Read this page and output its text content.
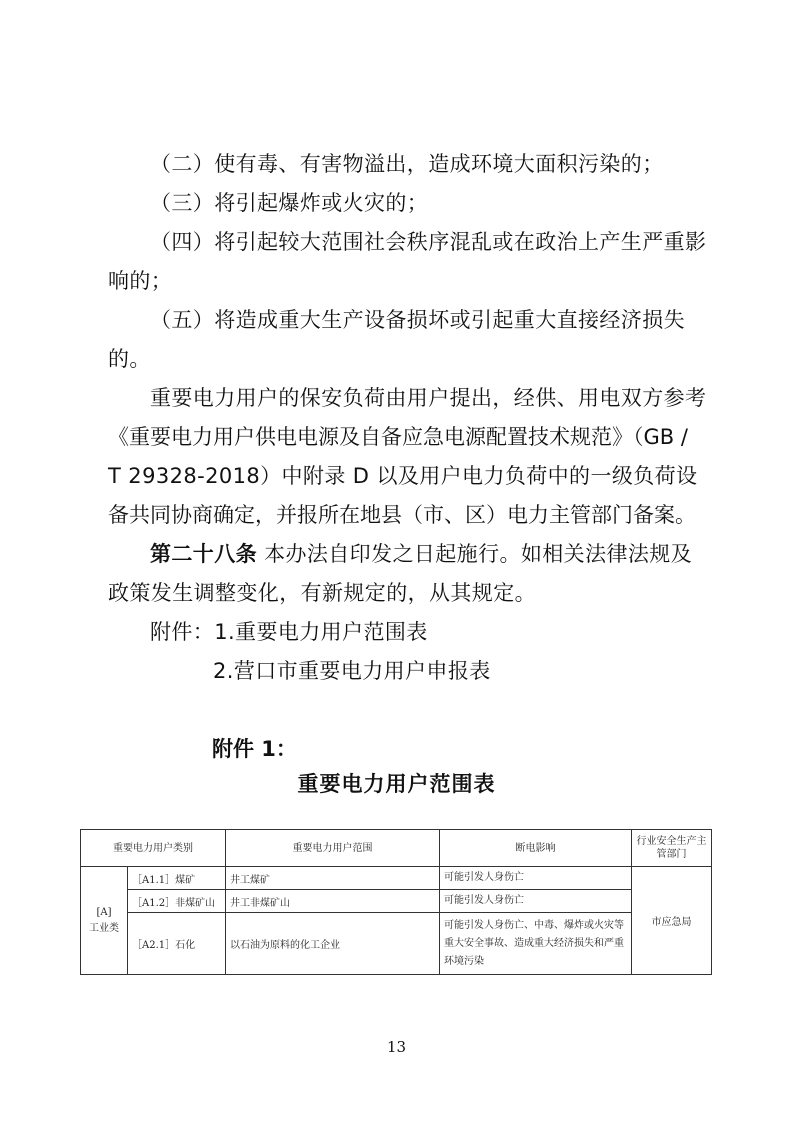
（二）使有毒、有害物溢出，造成环境大面积污染的；
（三）将引起爆炸或火灾的；
（四）将引起较大范围社会秩序混乱或在政治上产生严重影
响的；
（五）将造成重大生产设备损坏或引起重大直接经济损失
的。
重要电力用户的保安负荷由用户提出，经供、用电双方参考
《重要电力用户供电电源及自备应急电源配置技术规范》（GB /
T 29328-2018）中附录 D 以及用户电力负荷中的一级负荷设
备共同协商确定，并报所在地县（市、区）电力主管部门备案。
第二十八条 本办法自印发之日起施行。如相关法律法规及
政策发生调整变化，有新规定的，从其规定。
附件：1.重要电力用户范围表
2.营口市重要电力用户申报表
附件 1：
重要电力用户范围表
重要电力用户类别		重要电力用户范围	断电影响	行业安全生产主管部门

[A]
工业类	［A1.1］煤矿	井工煤矿	可能引发人身伤亡	市应急局
	［A1.2］非煤矿山	井工非煤矿山	可能引发人身伤亡	
	［A2.1］石化	以石油为原料的化工企业	可能引发人身伤亡、中毒、爆炸或火灾等重大安全事故、造成重大经济损失和严重环境污染	
13
